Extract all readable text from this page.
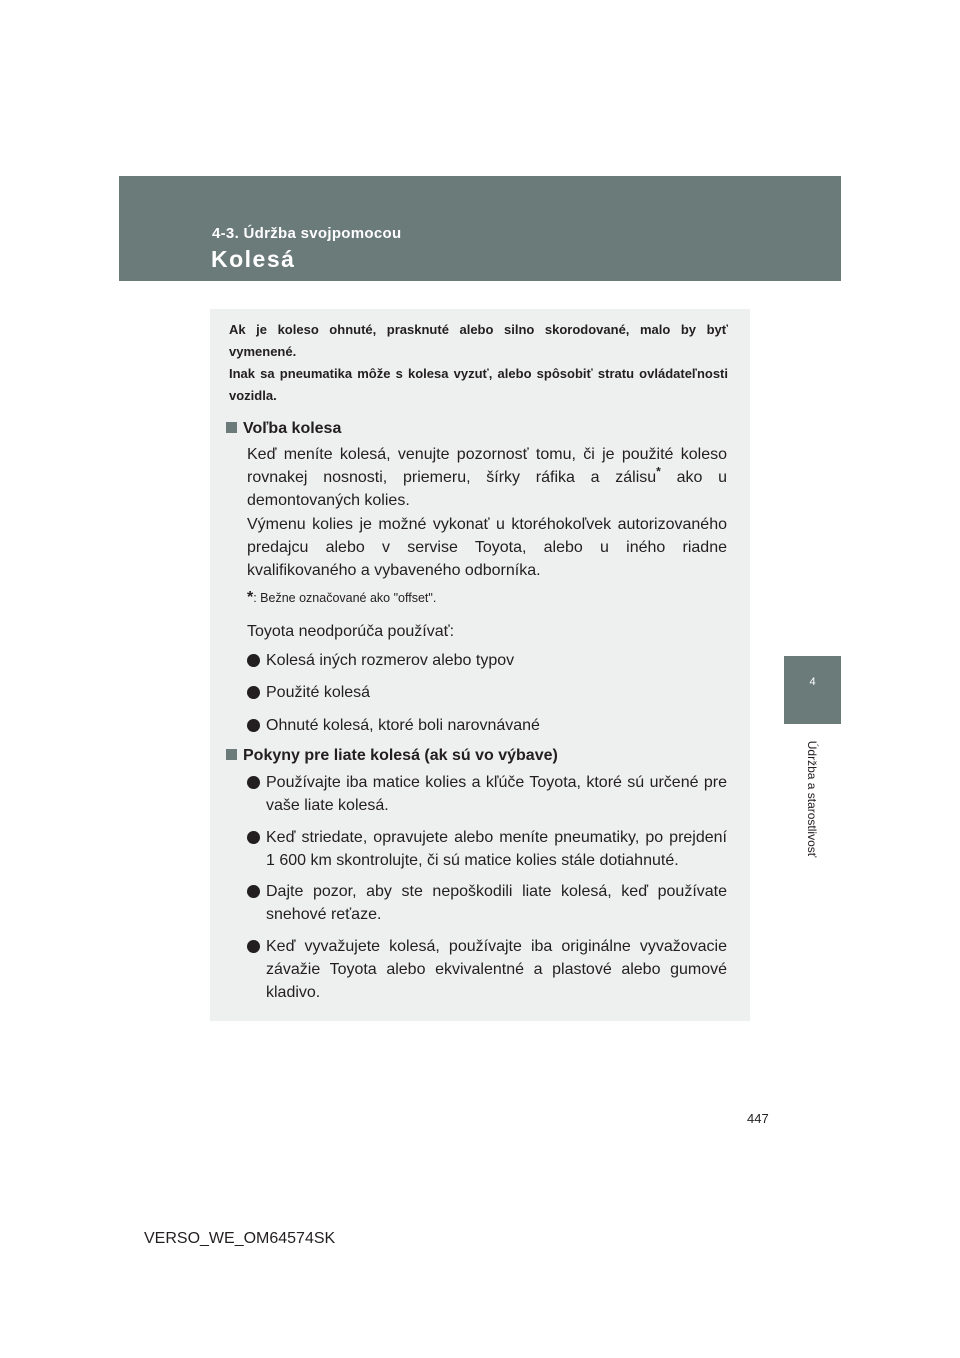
4-3. Údržba svojpomocou
Kolesá
4
Údržba a starostlivosť

Ak je koleso ohnuté, prasknuté alebo silno skorodované, malo by byť vymenené.

Inak sa pneumatika môže s kolesa vyzuť, alebo spôsobiť stratu ovládateľnosti vozidla.

Voľba kolesa

Keď meníte kolesá, venujte pozornosť tomu, či je použité koleso rovnakej nosnosti, priemeru, šírky ráfika a zálisu* ako u demontovaných kolies.

Výmenu kolies je možné vykonať u ktoréhokoľvek autorizovaného predajcu alebo v servise Toyota, alebo u iného riadne kvalifikovaného a vybaveného odborníka.

*: Bežne označované ako "offset".
Toyota neodporúča používať:
Kolesá iných rozmerov alebo typov
Použité kolesá
Ohnuté kolesá, ktoré boli narovnávané
Pokyny pre liate kolesá (ak sú vo výbave)
Používajte iba matice kolies a kľúče Toyota, ktoré sú určené pre vaše liate kolesá.
Keď striedate, opravujete alebo meníte pneumatiky, po prejdení 1 600 km skontrolujte, či sú matice kolies stále dotiahnuté.
Dajte pozor, aby ste nepoškodili liate kolesá, keď používate snehové reťaze.
Keď vyvažujete kolesá, používajte iba originálne vyvažovacie závažie Toyota alebo ekvivalentné a plastové alebo gumové kladivo.
447
VERSO_WE_OM64574SK
